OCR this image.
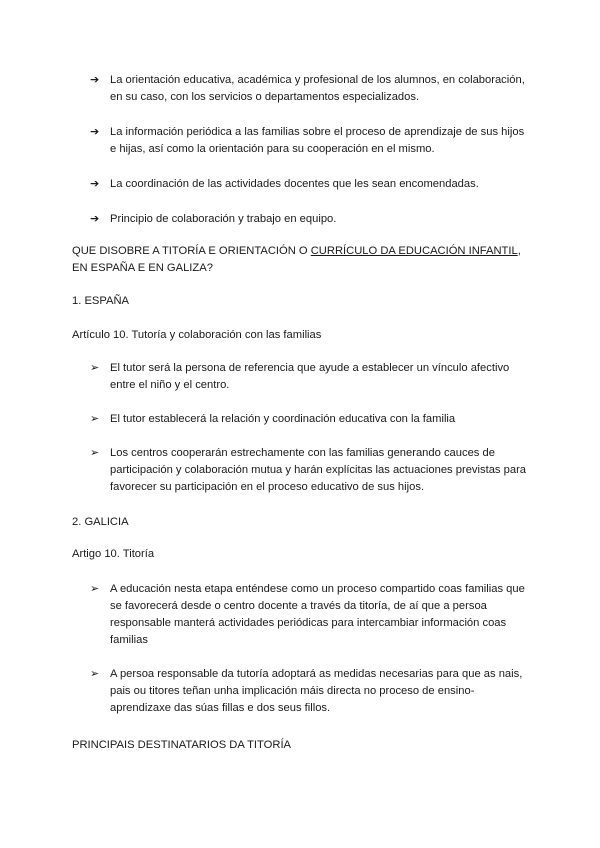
➔ La orientación educativa, académica y profesional de los alumnos, en colaboración, en su caso, con los servicios o departamentos especializados.
➔ La información periódica a las familias sobre el proceso de aprendizaje de sus hijos e hijas, así como la orientación para su cooperación en el mismo.
➔ La coordinación de las actividades docentes que les sean encomendadas.
➔ Principio de colaboración y trabajo en equipo.

QUE DISOBRE A TITORÍA E ORIENTACIÓN O CURRÍCULO DA EDUCACIÓN INFANTIL, EN ESPAÑA E EN GALIZA?

1. ESPAÑA

Artículo 10. Tutoría y colaboración con las familias

➢ El tutor será la persona de referencia que ayude a establecer un vínculo afectivo entre el niño y el centro.
➢ El tutor establecerá la relación y coordinación educativa con la familia
➢ Los centros cooperarán estrechamente con las familias generando cauces de participación y colaboración mutua y harán explícitas las actuaciones previstas para favorecer su participación en el proceso educativo de sus hijos.

2. GALICIA

Artigo 10. Titoría

➢ A educación nesta etapa enténdese como un proceso compartido coas familias que se favorecerá desde o centro docente a través da titoría, de aí que a persoa responsable manterá actividades periódicas para intercambiar información coas familias
➢ A persoa responsable da tutoría adoptará as medidas necesarias para que as nais, pais ou titores teñan unha implicación máis directa no proceso de ensino-aprendizaxe das súas fillas e dos seus fillos.

PRINCIPAIS DESTINATARIOS DA TITORÍA
